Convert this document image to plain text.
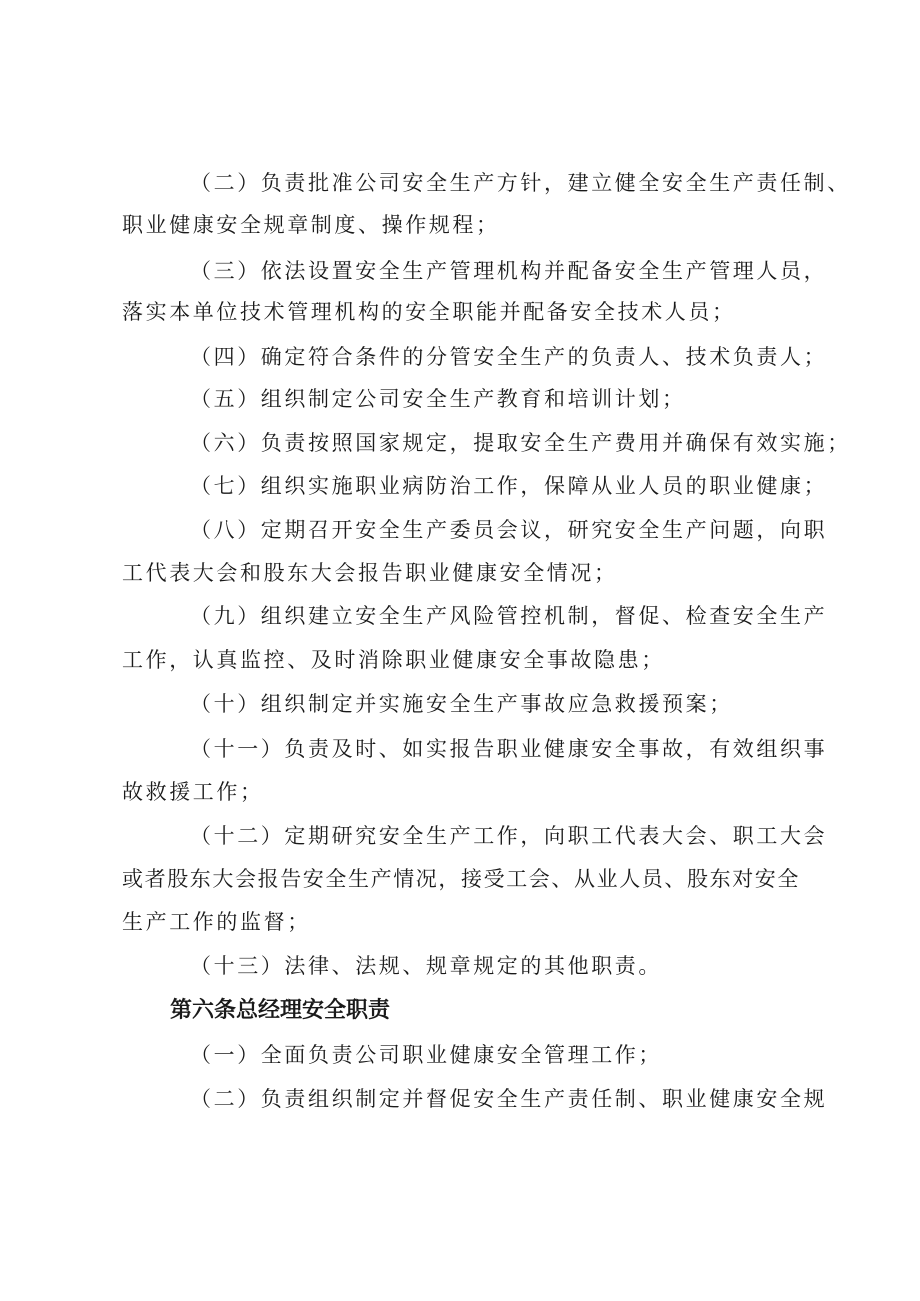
（二）负责批准公司安全生产方针，建立健全安全生产责任制、
职业健康安全规章制度、操作规程；
（三）依法设置安全生产管理机构并配备安全生产管理人员，
落实本单位技术管理机构的安全职能并配备安全技术人员；
（四）确定符合条件的分管安全生产的负责人、技术负责人；
（五）组织制定公司安全生产教育和培训计划；
（六）负责按照国家规定，提取安全生产费用并确保有效实施；
（七）组织实施职业病防治工作，保障从业人员的职业健康；
（八）定期召开安全生产委员会议，研究安全生产问题，向职
工代表大会和股东大会报告职业健康安全情况；
（九）组织建立安全生产风险管控机制，督促、检查安全生产
工作，认真监控、及时消除职业健康安全事故隐患；
（十）组织制定并实施安全生产事故应急救援预案；
（十一）负责及时、如实报告职业健康安全事故，有效组织事
故救援工作；
（十二）定期研究安全生产工作，向职工代表大会、职工大会
或者股东大会报告安全生产情况，接受工会、从业人员、股东对安全
生产工作的监督；
（十三）法律、法规、规章规定的其他职责。
第六条总经理安全职责
（一）全面负责公司职业健康安全管理工作；
（二）负责组织制定并督促安全生产责任制、职业健康安全规
